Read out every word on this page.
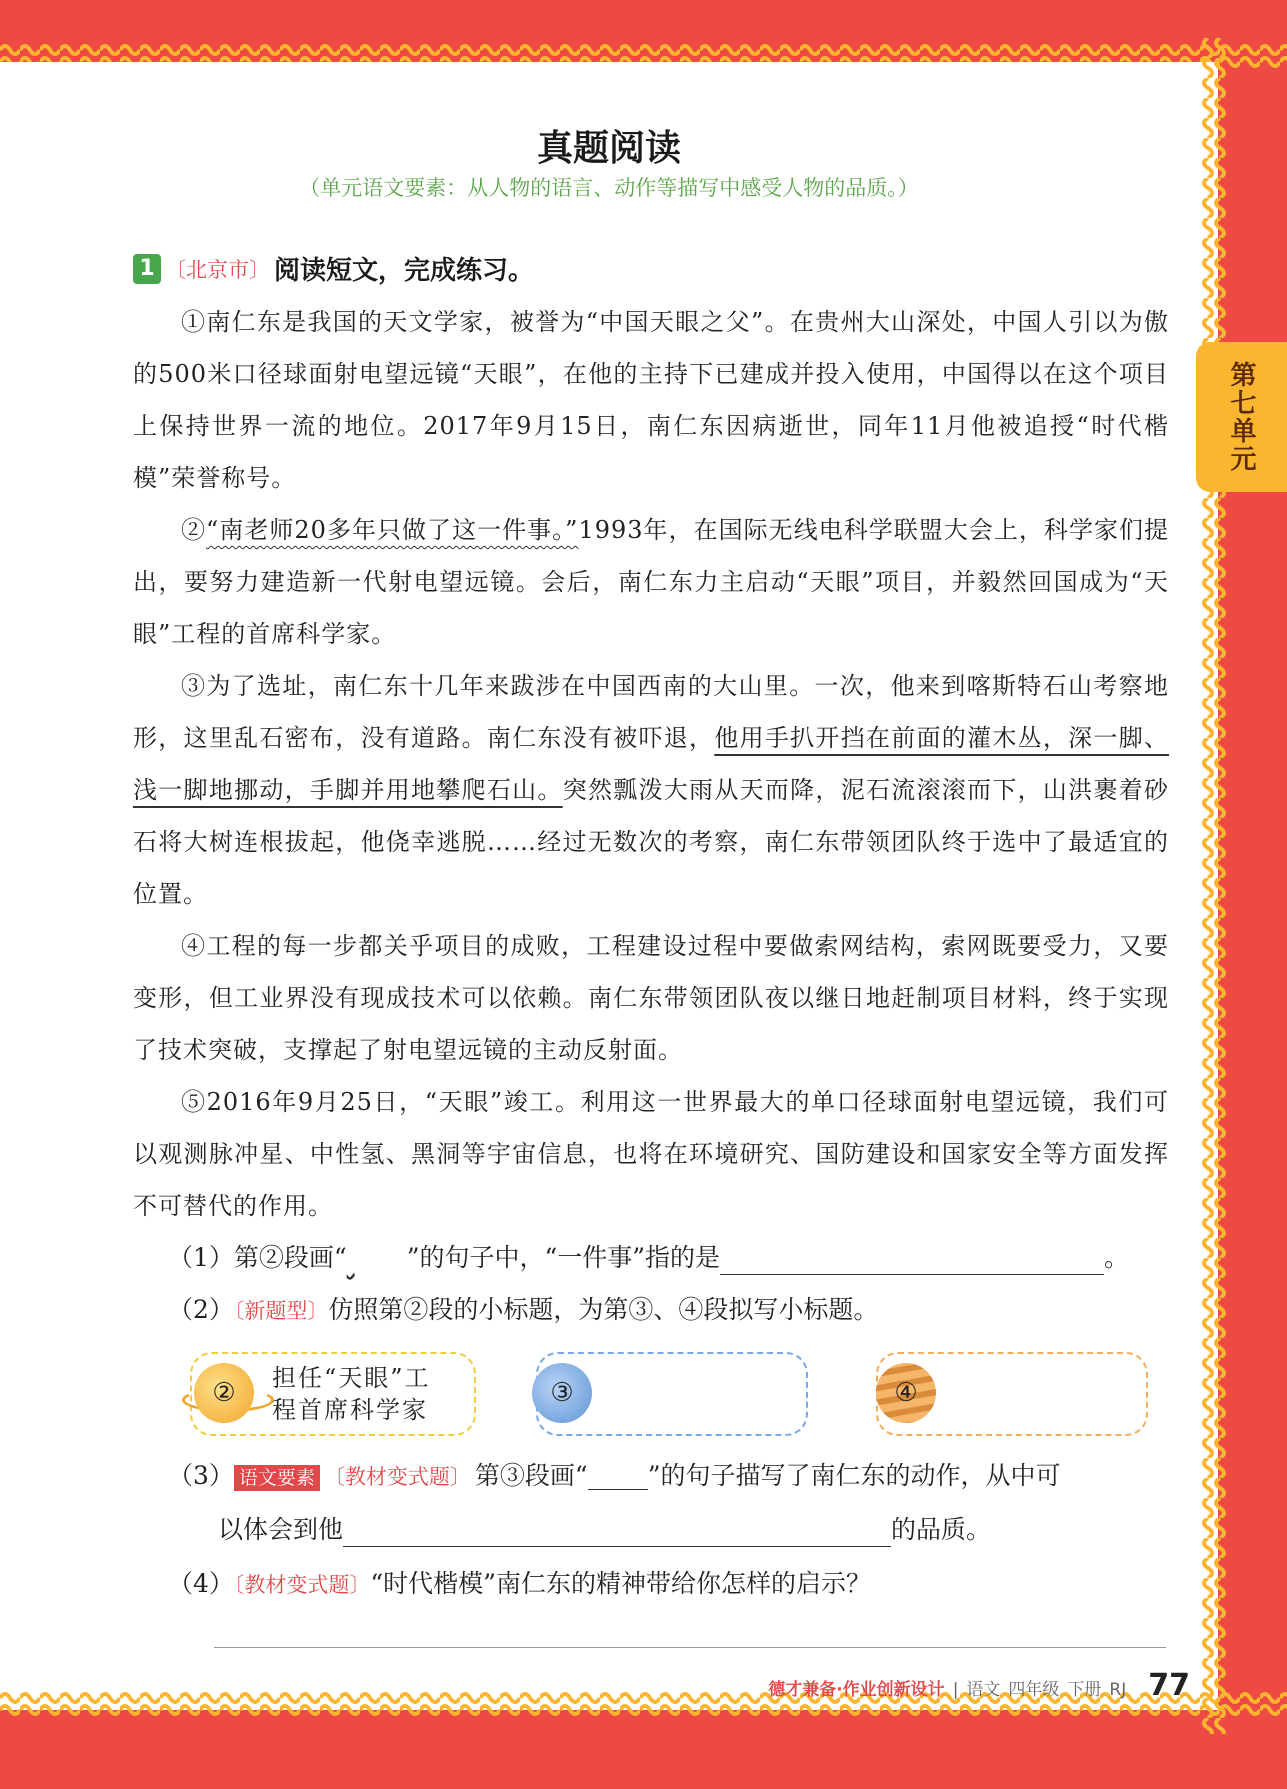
第七单元
真题阅读
（单元语文要素：从人物的语言、动作等描写中感受人物的品质。）
1 〔北京市〕 阅读短文，完成练习。

①南仁东是我国的天文学家，被誉为“中国天眼之父”。在贵州大山深处，中国人引以为傲的500米口径球面射电望远镜“天眼”，在他的主持下已建成并投入使用，中国得以在这个项目上保持世界一流的地位。2017年9月15日，南仁东因病逝世，同年11月他被追授“时代楷模”荣誉称号。

②“南老师20多年只做了这一件事。”1993年，在国际无线电科学联盟大会上，科学家们提出，要努力建造新一代射电望远镜。会后，南仁东力主启动“天眼”项目，并毅然回国成为“天眼”工程的首席科学家。

③为了选址，南仁东十几年来跋涉在中国西南的大山里。一次，他来到喀斯特石山考察地形，这里乱石密布，没有道路。南仁东没有被吓退，他用手扒开挡在前面的灌木丛，深一脚、浅一脚地挪动，手脚并用地攀爬石山。突然瓢泼大雨从天而降，泥石流滚滚而下，山洪裹着砂石将大树连根拔起，他侥幸逃脱……经过无数次的考察，南仁东带领团队终于选中了最适宜的位置。

④工程的每一步都关乎项目的成败，工程建设过程中要做索网结构，索网既要受力，又要变形，但工业界没有现成技术可以依赖。南仁东带领团队夜以继日地赶制项目材料，终于实现了技术突破，支撑起了射电望远镜的主动反射面。

⑤2016年9月25日，“天眼”竣工。利用这一世界最大的单口径球面射电望远镜，我们可以观测脉冲星、中性氢、黑洞等宇宙信息，也将在环境研究、国防建设和国家安全等方面发挥不可替代的作用。

（1）第②段画“ ”的句子中，“一件事”指的是	。
（2）〔新题型〕仿照第②段的小标题，为第③、④段拟写小标题。
②	③	④
担任“天眼”工
程首席科学家
（3） 语文要素 〔教材变式题〕 第③段画“ ”的句子描写了南仁东的动作，从中可
以体会到他	的品质。
（4）〔教材变式题〕“时代楷模”南仁东的精神带给你怎样的启示？
德才兼备·作业创新设计 | 语文 四年级 下册 RJ 77
